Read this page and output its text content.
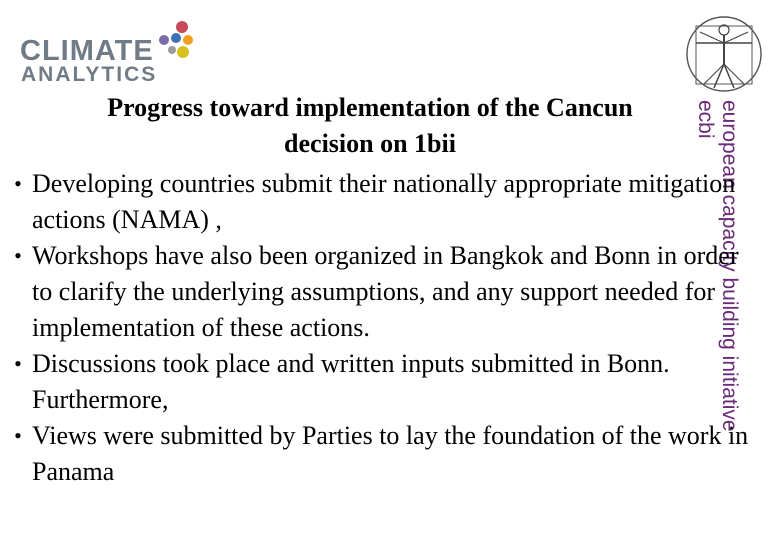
CLIMATE
ANALYTICS
ecbi european capacity building initiative
Progress toward implementation of the Cancun
decision on 1bii
• Developing countries submit their nationally appropriate mitigation actions (NAMA) ,
• Workshops have also been organized in Bangkok and Bonn in order to clarify the underlying assumptions, and any support needed for implementation of these actions.
• Discussions took place and written inputs submitted in Bonn. Furthermore,
• Views were submitted by Parties to lay the foundation of the work in Panama
